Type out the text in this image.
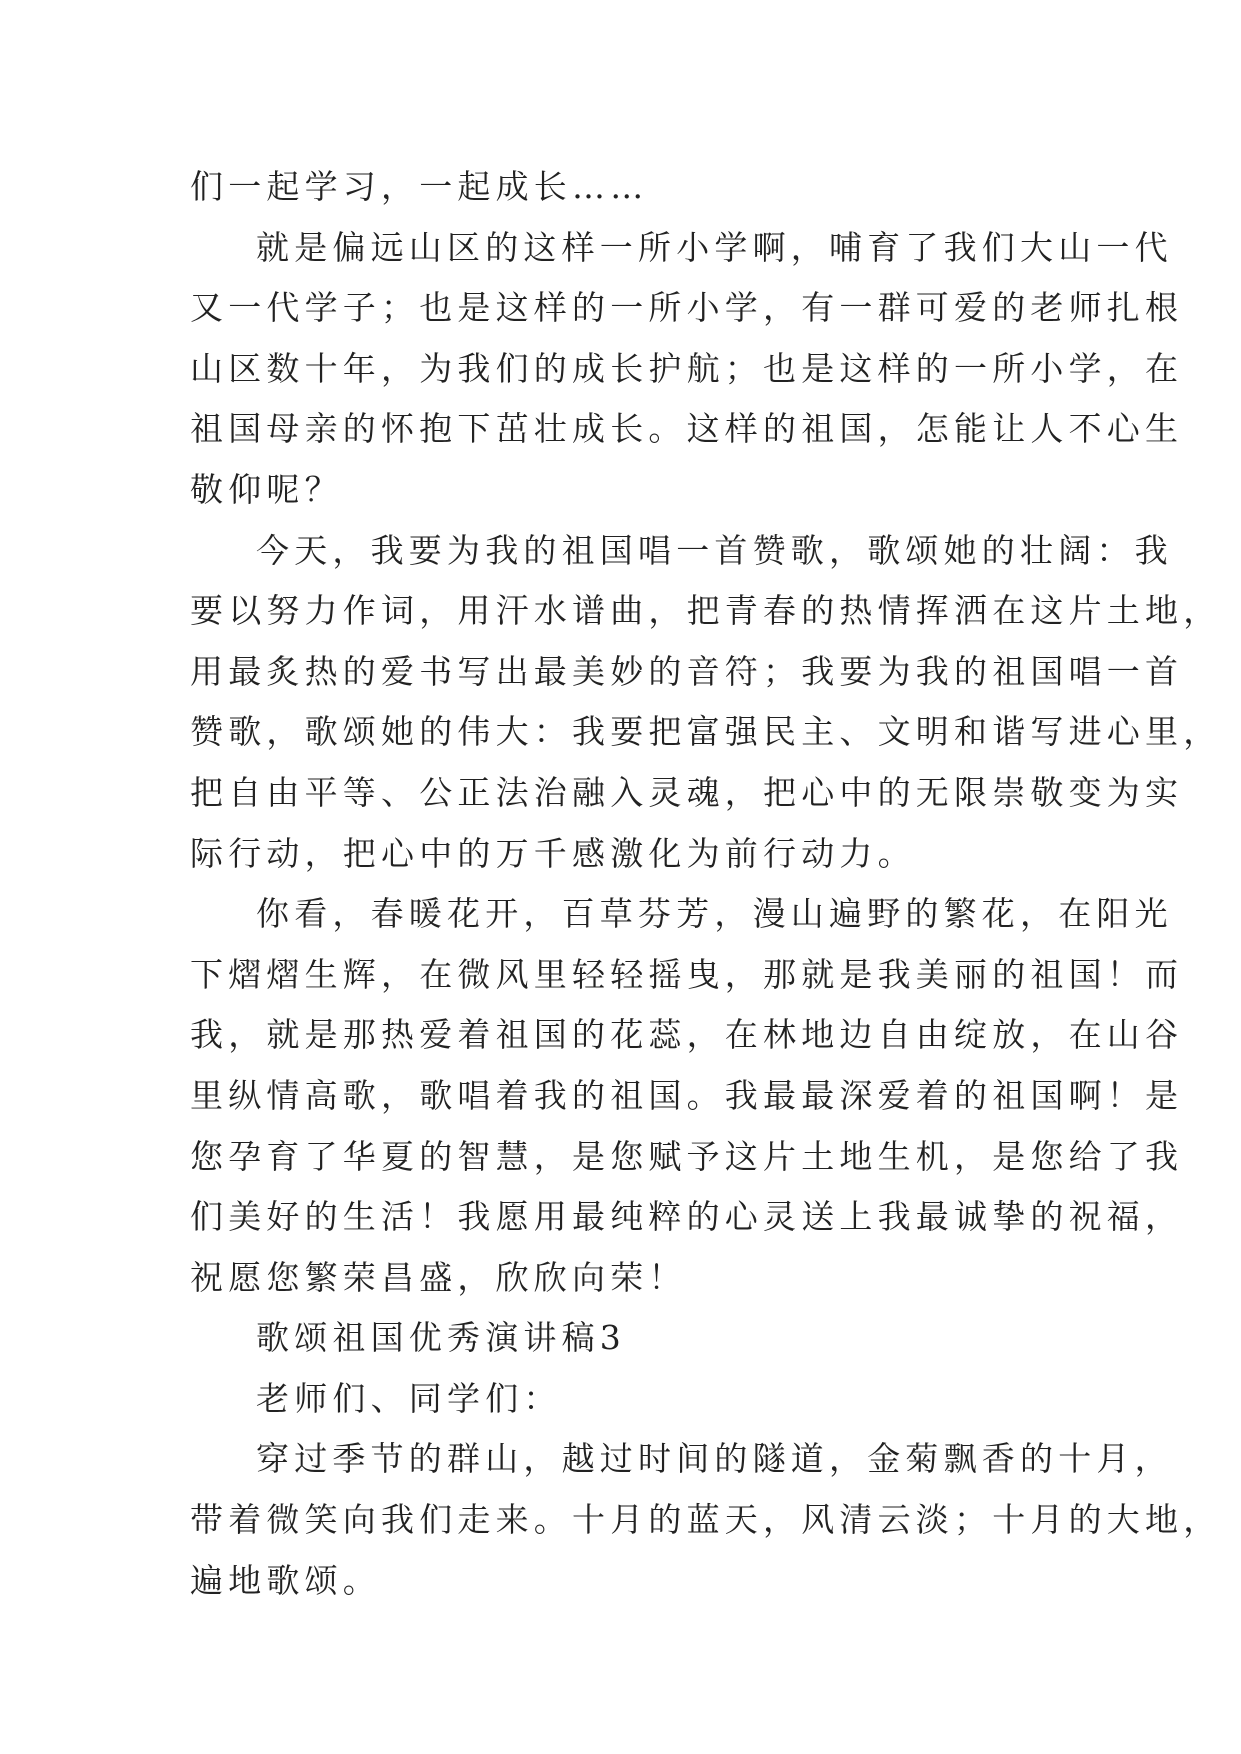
们一起学习，一起成长……
就是偏远山区的这样一所小学啊，哺育了我们大山一代
又一代学子；也是这样的一所小学，有一群可爱的老师扎根
山区数十年，为我们的成长护航；也是这样的一所小学，在
祖国母亲的怀抱下茁壮成长。这样的祖国，怎能让人不心生
敬仰呢？
今天，我要为我的祖国唱一首赞歌，歌颂她的壮阔：我
要以努力作词，用汗水谱曲，把青春的热情挥洒在这片土地，
用最炙热的爱书写出最美妙的音符；我要为我的祖国唱一首
赞歌，歌颂她的伟大：我要把富强民主、文明和谐写进心里，
把自由平等、公正法治融入灵魂，把心中的无限崇敬变为实
际行动，把心中的万千感激化为前行动力。
你看，春暖花开，百草芬芳，漫山遍野的繁花，在阳光
下熠熠生辉，在微风里轻轻摇曳，那就是我美丽的祖国！而
我，就是那热爱着祖国的花蕊，在林地边自由绽放，在山谷
里纵情高歌，歌唱着我的祖国。我最最深爱着的祖国啊！是
您孕育了华夏的智慧，是您赋予这片土地生机，是您给了我
们美好的生活！我愿用最纯粹的心灵送上我最诚挚的祝福，
祝愿您繁荣昌盛，欣欣向荣！
歌颂祖国优秀演讲稿3
老师们、同学们：
穿过季节的群山，越过时间的隧道，金菊飘香的十月，
带着微笑向我们走来。十月的蓝天，风清云淡；十月的大地，
遍地歌颂。
